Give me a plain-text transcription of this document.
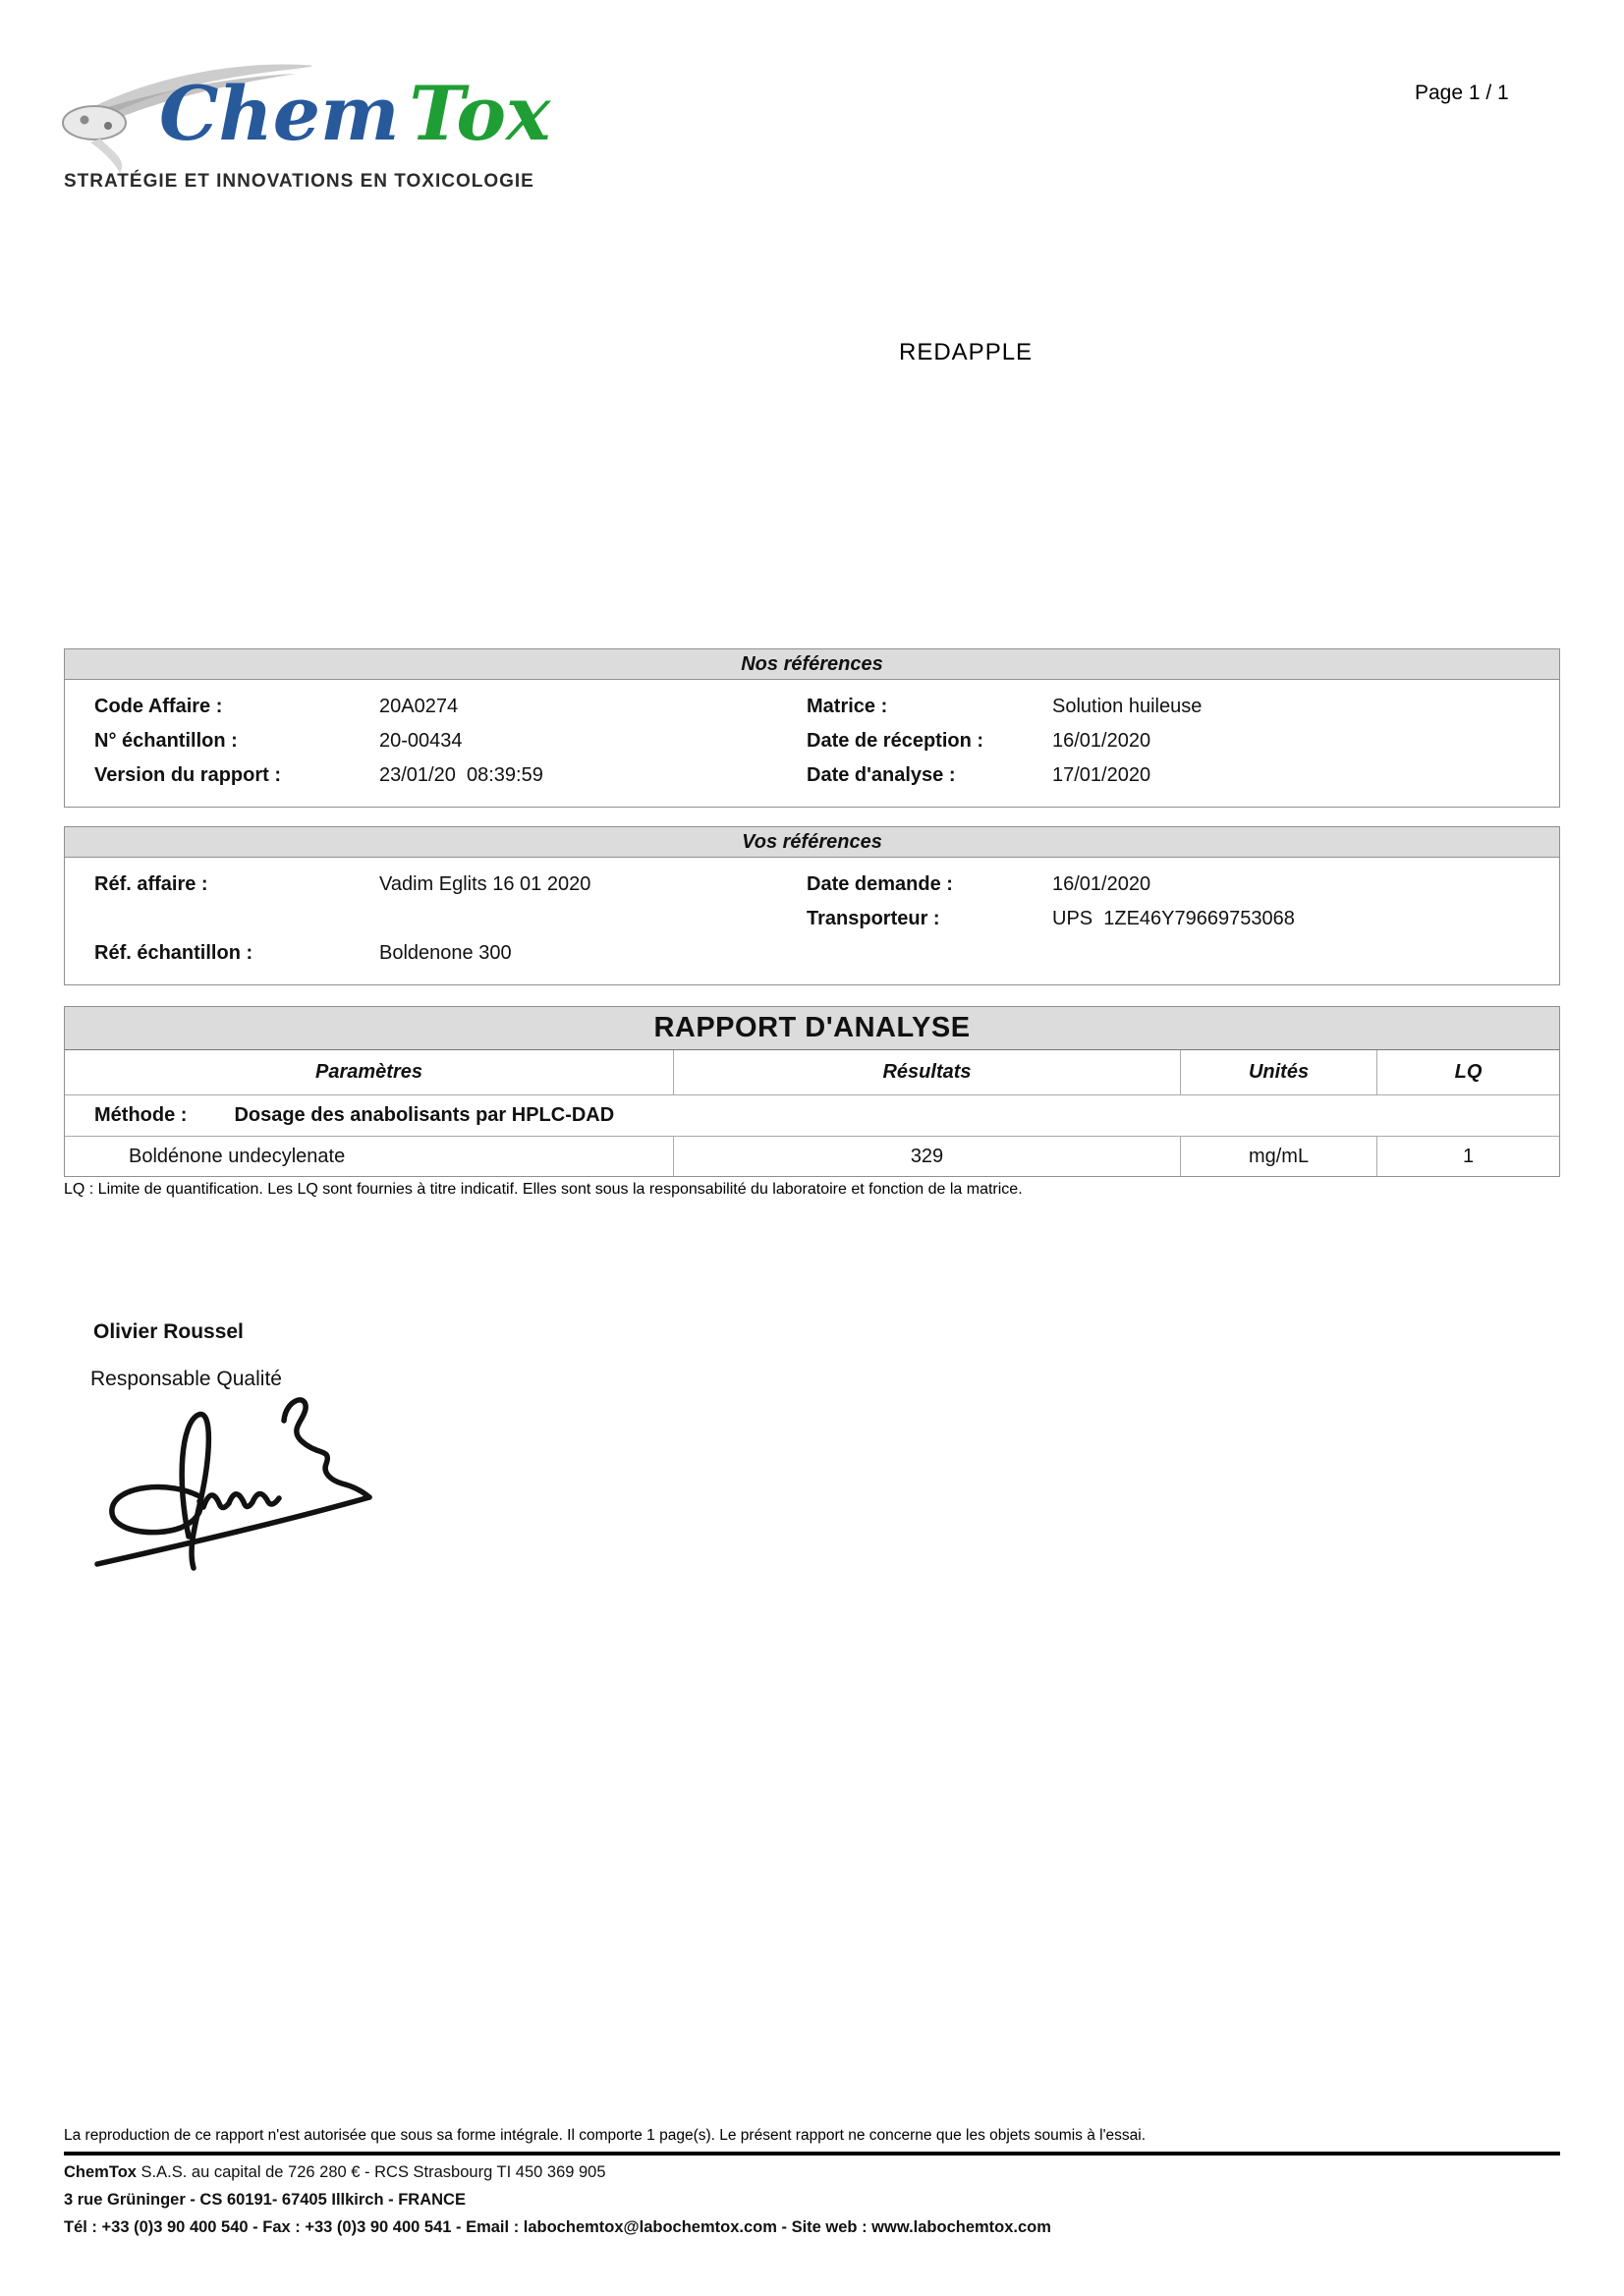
Chem Tox
STRATÉGIE ET INNOVATIONS EN TOXICOLOGIE
Page 1 / 1
REDAPPLE
Nos références
Code Affaire :	20A0274	Matrice :	Solution huileuse
N° échantillon :	20-00434	Date de réception :	16/01/2020
Version du rapport :	23/01/20  08:39:59	Date d'analyse :	17/01/2020
Vos références
Réf. affaire :	Vadim Eglits 16 01 2020	Date demande :	16/01/2020
Transporteur :	UPS  1ZE46Y79669753068
Réf. échantillon :	Boldenone 300
RAPPORT D'ANALYSE
Paramètres	Résultats	Unités	LQ
Méthode : Dosage des anabolisants par HPLC-DAD
Boldénone undecylenate	329	mg/mL	1
LQ : Limite de quantification. Les LQ sont fournies à titre indicatif. Elles sont sous la responsabilité du laboratoire et fonction de la matrice.
Olivier Roussel
Responsable Qualité
La reproduction de ce rapport n'est autorisée que sous sa forme intégrale. Il comporte 1 page(s). Le présent rapport ne concerne que les objets soumis à l'essai.
ChemTox S.A.S. au capital de 726 280 € - RCS Strasbourg TI 450 369 905
3 rue Grüninger - CS 60191- 67405 Illkirch - FRANCE
Tél : +33 (0)3 90 400 540 - Fax : +33 (0)3 90 400 541 - Email : labochemtox@labochemtox.com - Site web : www.labochemtox.com
